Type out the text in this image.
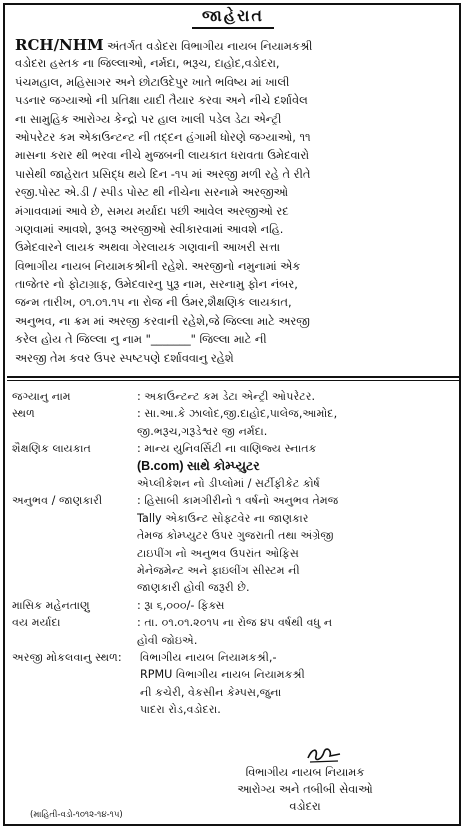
જાહેરાત
RCH/NHM અંતર્ગત વડોદરા વિભાગીય નાયબ નિયામકશ્રી
વડોદરા હસ્તક ના જિલ્લાઓ, નર્મદા, ભરૂચ, દાહોદ,વડોદરા,
પંચમહાલ, મહિસાગર અને છોટાઉદેપુર ખાતે ભવિષ્ય માં ખાલી
પડનાર જગ્યાઓ ની પ્રતિક્ષા યાદી તૈયાર કરવા અને નીચે દર્શાવેલ
ના સામુહિક આરોગ્ય કેન્દ્રો પર હાલ ખાલી પડેલ ડેટા એન્ટ્રી
ઓપરેટર કમ એકાઉન્ટન્ટ ની તદ્દન હંગામી ધોરણે જગ્યાઓ, ૧૧
માસના કરાર થી ભરવા નીચે મુજબની લાયકાત ધરાવતા ઉમેદવારો
પાસેથી જાહેરાત પ્રસિદ્ધ થયે દિન -૧૫ માં અરજી મળી રહે તે રીતે
રજી.પોસ્ટ એ.ડી / સ્પીડ પોસ્ટ થી નીચેના સરનામે અરજીઓ
મંગાવવામાં આવે છે, સમય મર્યાદા પછી આવેલ અરજીઓ રદ
ગણવામાં આવશે, રૂબરૂ અરજીઓ સ્વીકારવામાં આવશે નહિ.
ઉમેદવારને લાયક અથવા ગેરલાયક ગણવાની આખરી સત્તા
વિભાગીય નાયબ નિયામકશ્રીની રહેશે. અરજીનો નમુનામાં એક
તાજેતર નો ફોટાગ્રાફ, ઉમેદવારનુ પુરૂ નામ, સરનામુ ફોન નંબર,
જન્મ તારીખ, ૦૧.૦૧.૧૫ ના રોજ ની ઉંમર,શૈક્ષણિક લાયકાત,
અનુભવ, ના ક્રમ માં અરજી કરવાની રહેશે,જે જિલ્લા માટે અરજી
કરેલ હોય તે જિલ્લા નુ નામ "_______" જિલ્લા માટે ની
અરજી તેમ કવર ઉપર સ્પષ્ટપણે દર્શાવવાનુ રહેશે
જગ્યાનુ નામ	: અકાઉન્ટન્ટ કમ ડેટા એન્ટ્રી ઓપરેટર.
સ્થળ	: સા.આ.કે ઝાલોદ,જી.દાહોદ,પાલેજ,આમોદ,
જી.ભરૂચ,ગરૂડેશ્વર જી નર્મદા.
શૈક્ષણિક લાયકાત	: માન્ય યુનિવર્સિટી ના વાણિજ્ય સ્નાતક
(B.com) સાથે કોમ્પ્યુટર
એપ્લીકેશન નો ડીપ્લોમાં / સર્ટીફીકેટ કોર્ષ
અનુભવ / જાણકારી	: હિસાબી કામગીરીનો ૧ વર્ષનો અનુભવ તેમજ
Tally એકાઉન્ટ સોફ્ટવેર ના જાણકાર
તેમજ કોમ્પ્યુટર ઉપર ગુજરાતી તથા અંગ્રેજી
ટાઇપીંગ નો અનુભવ ઉપરાંત ઓફિસ
મેનેજમેન્ટ અને ફાઇલીંગ સીસ્ટમ ની
જાણકારી હોવી જરૂરી છે.
માસિક મહેનતાણુ	: રૂા ૬,૦૦૦/- ફિક્સ
વય મર્યાદા	: તા. ૦૧.૦૧.૨૦૧૫ ના રોજ ૪૫ વર્ષથી વધુ ન
હોવી જોઇએ.
અરજી મોકલવાનુ સ્થળ:	વિભાગીય નાયબ નિયામકશ્રી,-
RPMU વિભાગીય નાયબ નિયામકશ્રી
ની કચેરી, વેકસીન કેમ્પસ,જુના
પાદરા રોડ,વડોદરા.
વિભાગીય નાયબ નિયામક
આરોગ્ય અને તબીબી સેવાઓ
વડોદરા
(માહિતી-વડો-૧૦૧૨-૧૪-૧૫)
